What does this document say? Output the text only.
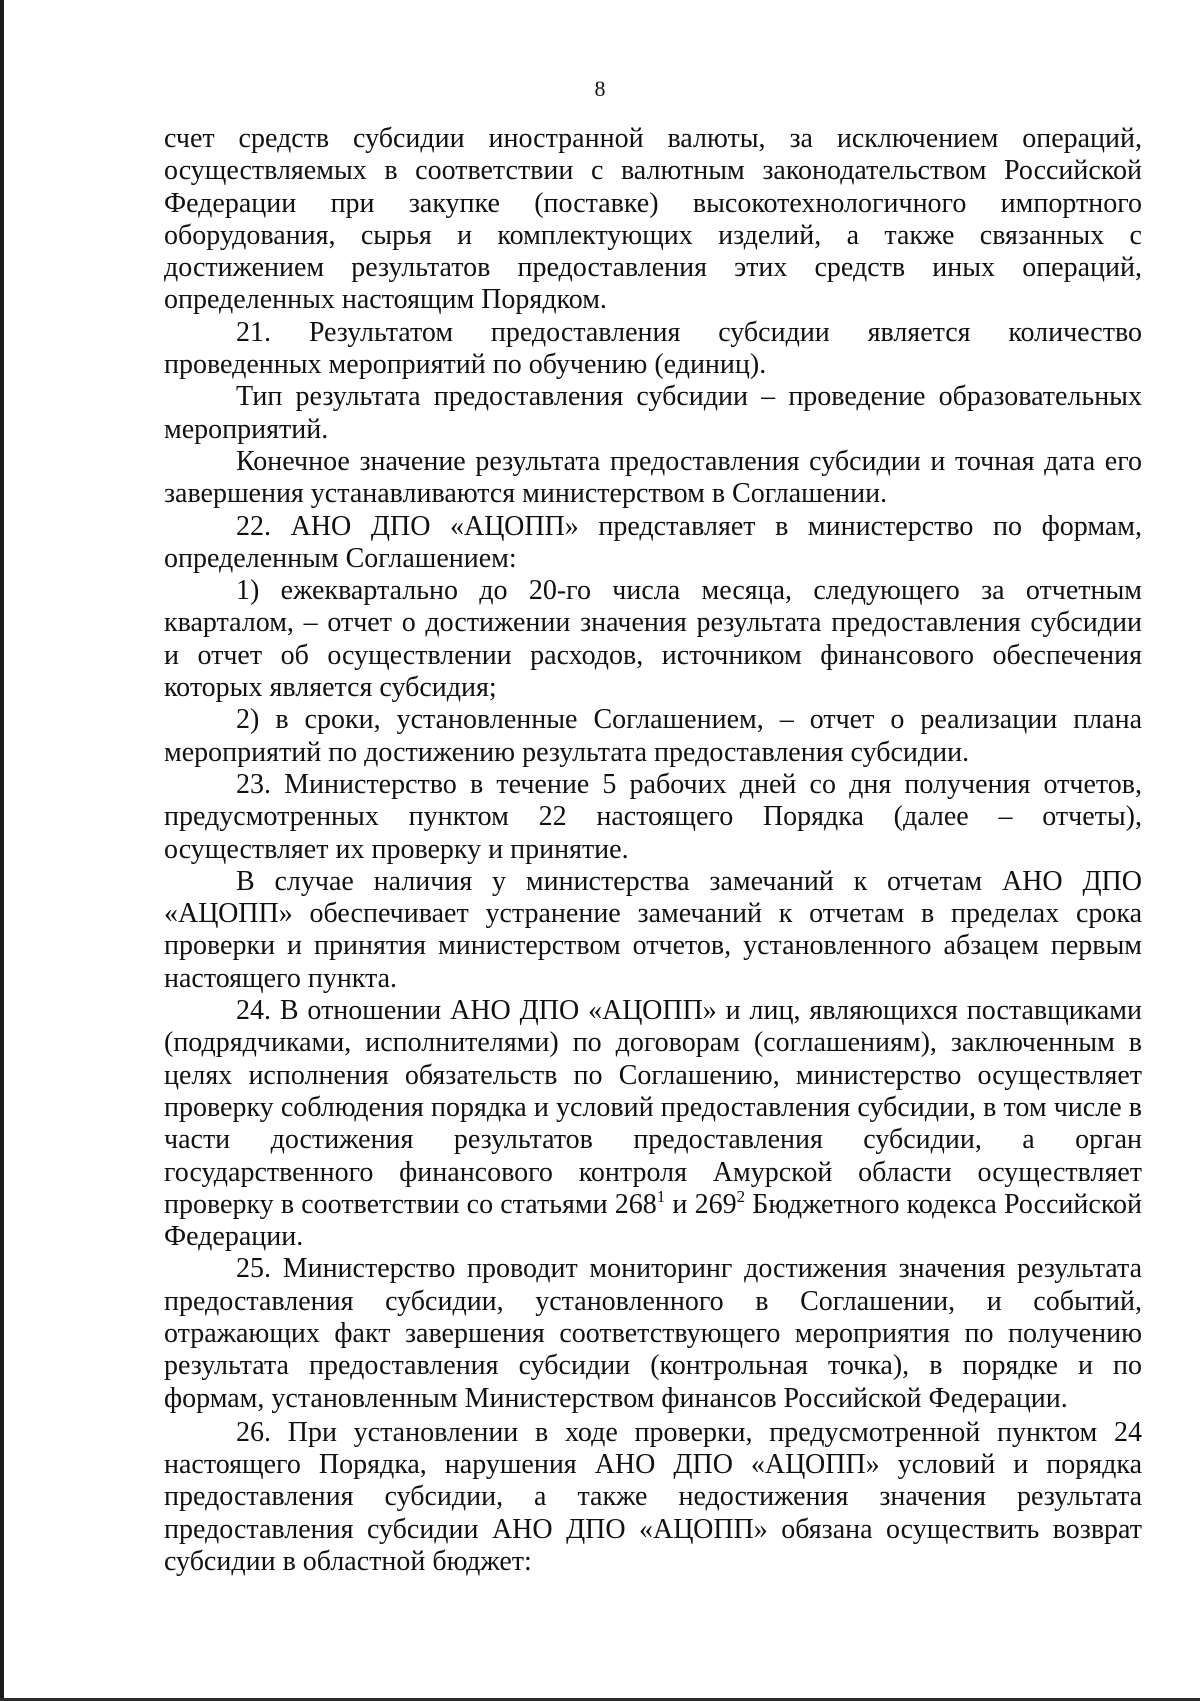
8

счет средств субсидии иностранной валюты, за исключением операций, осуществляемых в соответствии с валютным законодательством Российской Федерации при закупке (поставке) высокотехнологичного импортного оборудования, сырья и комплектующих изделий, а также связанных с достижением результатов предоставления этих средств иных операций, определенных настоящим Порядком.

21. Результатом предоставления субсидии является количество проведенных мероприятий по обучению (единиц).

Тип результата предоставления субсидии – проведение образовательных мероприятий.

Конечное значение результата предоставления субсидии и точная дата его завершения устанавливаются министерством в Соглашении.

22. АНО ДПО «АЦОПП» представляет в министерство по формам, определенным Соглашением:

1) ежеквартально до 20-го числа месяца, следующего за отчетным кварталом, – отчет о достижении значения результата предоставления субсидии и отчет об осуществлении расходов, источником финансового обеспечения которых является субсидия;

2) в сроки, установленные Соглашением, – отчет о реализации плана мероприятий по достижению результата предоставления субсидии.

23. Министерство в течение 5 рабочих дней со дня получения отчетов, предусмотренных пунктом 22 настоящего Порядка (далее – отчеты), осуществляет их проверку и принятие.

В случае наличия у министерства замечаний к отчетам АНО ДПО «АЦОПП» обеспечивает устранение замечаний к отчетам в пределах срока проверки и принятия министерством отчетов, установленного абзацем первым настоящего пункта.

24. В отношении АНО ДПО «АЦОПП» и лиц, являющихся поставщиками (подрядчиками, исполнителями) по договорам (соглашениям), заключенным в целях исполнения обязательств по Соглашению, министерство осуществляет проверку соблюдения порядка и условий предоставления субсидии, в том числе в части достижения результатов предоставления субсидии, а орган государственного финансового контроля Амурской области осуществляет проверку в соответствии со статьями $268^1$ и $269^2$ Бюджетного кодекса Российской Федерации.

25. Министерство проводит мониторинг достижения значения результата предоставления субсидии, установленного в Соглашении, и событий, отражающих факт завершения соответствующего мероприятия по получению результата предоставления субсидии (контрольная точка), в порядке и по формам, установленным Министерством финансов Российской Федерации.

26. При установлении в ходе проверки, предусмотренной пунктом 24 настоящего Порядка, нарушения АНО ДПО «АЦОПП» условий и порядка предоставления субсидии, а также недостижения значения результата предоставления субсидии АНО ДПО «АЦОПП» обязана осуществить возврат субсидии в областной бюджет:
